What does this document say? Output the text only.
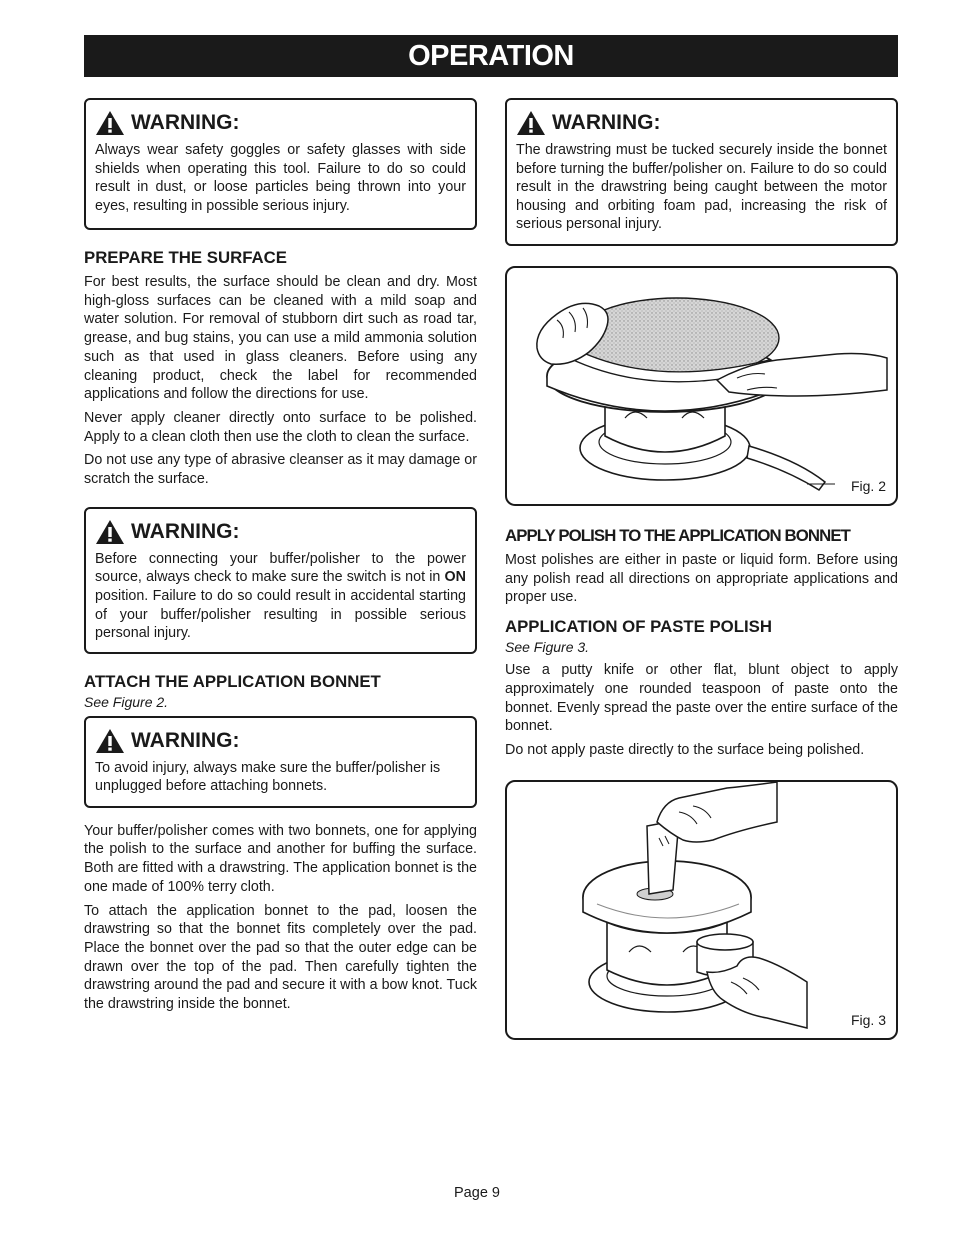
OPERATION
WARNING:

Always wear safety goggles or safety glasses with side shields when operating this tool. Failure to do so could result in dust, or loose particles being thrown into your eyes, resulting in possible serious injury.

PREPARE THE SURFACE

For best results, the surface should be clean and dry. Most high-gloss surfaces can be cleaned with a mild soap and water solution. For removal of stubborn dirt such as road tar, grease, and bug stains, you can use a mild ammonia solution such as that used in glass cleaners. Before using any cleaning product, check the label for recommended applications and follow the directions for use.

Never apply cleaner directly onto surface to be polished. Apply to a clean cloth then use the cloth to clean the surface.

Do not use any type of abrasive cleanser as it may damage or scratch the surface.

WARNING:

Before connecting your buffer/polisher to the power source, always check to make sure the switch is not in ON position. Failure to do so could result in accidental starting of your buffer/polisher resulting in possible serious personal injury.

ATTACH THE APPLICATION BONNET
See Figure 2.
WARNING:

To avoid injury, always make sure the buffer/polisher is unplugged before attaching bonnets.

Your buffer/polisher comes with two bonnets, one for applying the polish to the surface and another for buffing the surface. Both are fitted with a drawstring. The application bonnet is the one made of 100% terry cloth.

To attach the application bonnet to the pad, loosen the drawstring so that the bonnet fits completely over the pad. Place the bonnet over the pad so that the outer edge can be drawn over the top of the pad. Then carefully tighten the drawstring around the pad and secure it with a bow knot. Tuck the drawstring inside the bonnet.

WARNING:

The drawstring must be tucked securely inside the bonnet before turning the buffer/polisher on. Failure to do so could result in the drawstring being caught between the motor housing and orbiting foam pad, increasing the risk of serious personal injury.

Fig. 2
APPLY POLISH TO THE APPLICATION BONNET

Most polishes are either in paste or liquid form. Before using any polish read all directions on appropriate applications and proper use.

APPLICATION OF PASTE POLISH
See Figure 3.

Use a putty knife or other flat, blunt object to apply approximately one rounded teaspoon of paste onto the bonnet. Evenly spread the paste over the entire surface of the bonnet.

Do not apply paste directly to the surface being polished.

Fig. 3
Page 9
